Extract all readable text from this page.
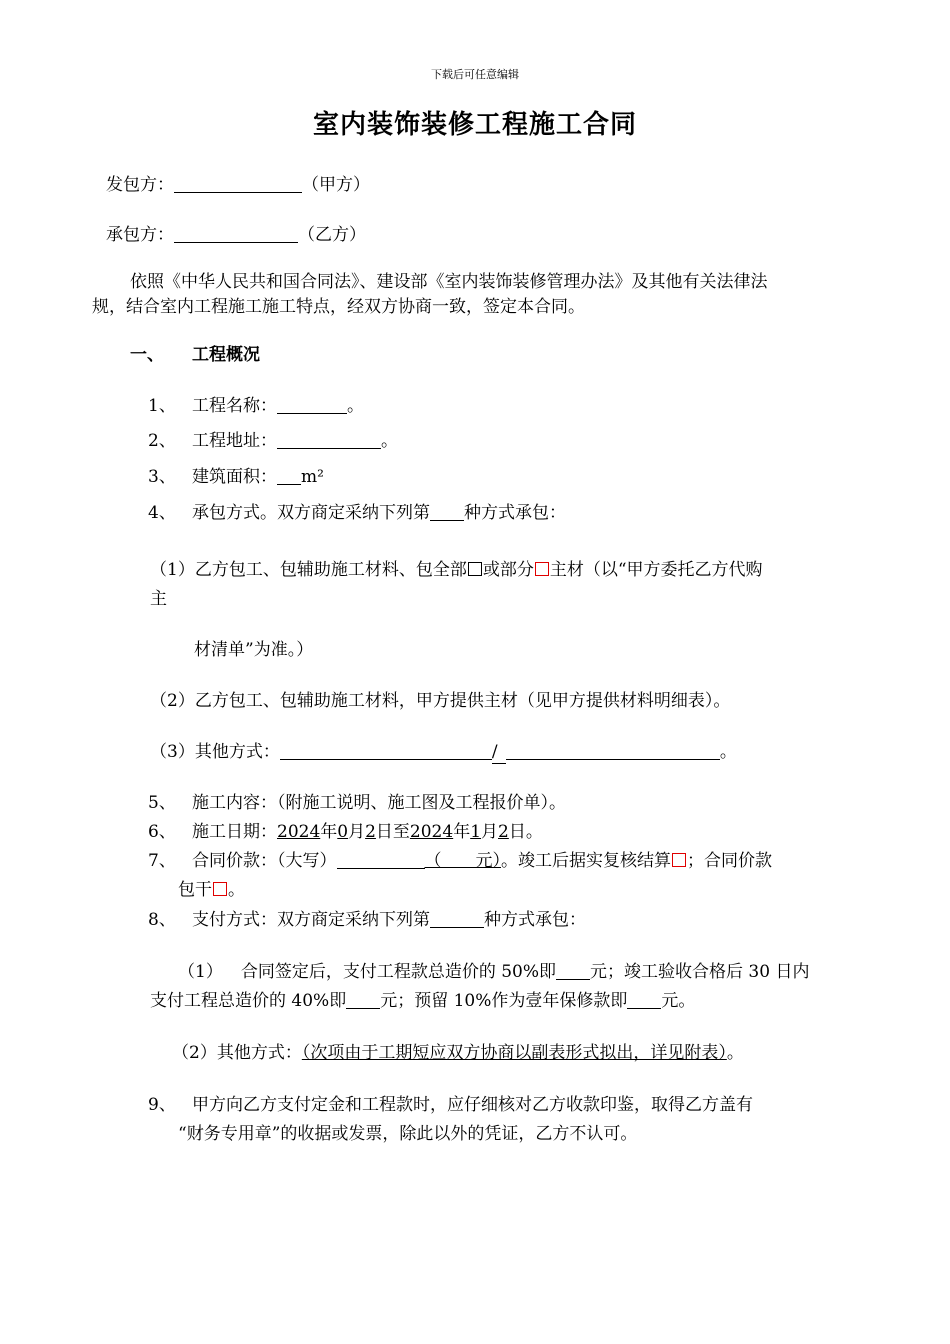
下载后可任意编辑
室内装饰装修工程施工合同
发包方：	（甲方）
承包方：	（乙方）
依照《中华人民共和国合同法》、建设部《室内装饰装修管理办法》及其他有关法律法
规，结合室内工程施工施工特点，经双方协商一致，签定本合同。
一、 工程概况
1、 工程名称：	。
2、 工程地址：	。
3、 建筑面积： m²
4、 承包方式。双方商定采纳下列第 种方式承包：
（1）乙方包工、包辅助施工材料、包全部 或部分 主材（以“甲方委托乙方代购
主
材清单”为准。）
（2）乙方包工、包辅助施工材料，甲方提供主材（见甲方提供材料明细表）。
（3）其他方式：	/	。
5、 施工内容：（附施工说明、施工图及工程报价单）。
6、 施工日期：2024年0月2日至2024年1月2日。
7、 合同价款：（大写）	（　　元）。竣工后据实复核结算 ；合同价款
包干 。
8、 支付方式：双方商定采纳下列第	种方式承包：
（1） 合同签定后，支付工程款总造价的 50%即 元；竣工验收合格后 30 日内
支付工程总造价的 40%即 元；预留 10%作为壹年保修款即 元。
（2）其他方式：（次项由于工期短应双方协商以副表形式拟出，详见附表）。
9、 甲方向乙方支付定金和工程款时，应仔细核对乙方收款印鉴，取得乙方盖有
“财务专用章”的收据或发票，除此以外的凭证，乙方不认可。
